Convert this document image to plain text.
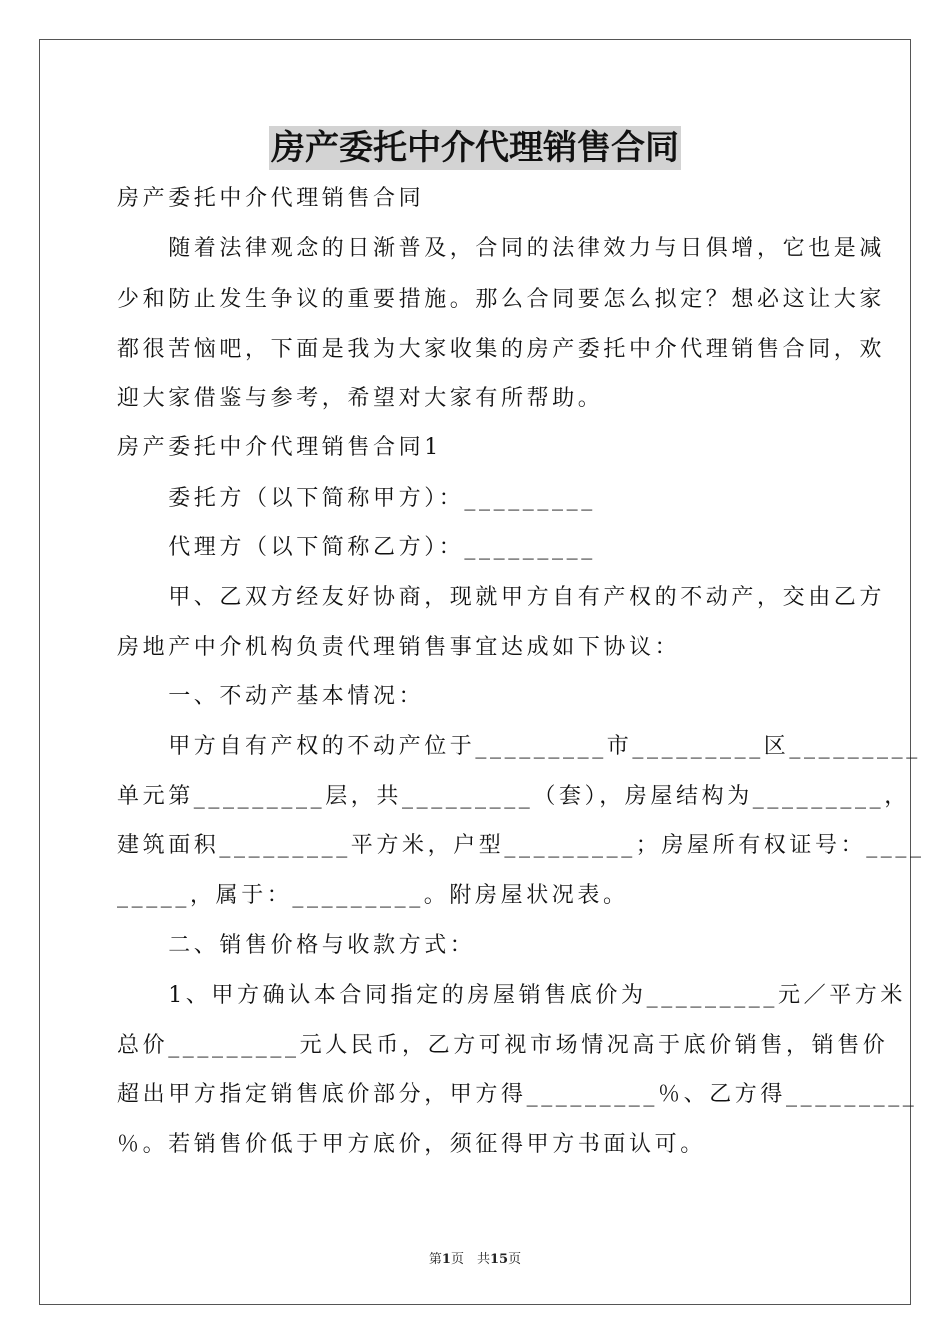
房产委托中介代理销售合同
房产委托中介代理销售合同
　　随着法律观念的日渐普及，合同的法律效力与日俱增，它也是减
少和防止发生争议的重要措施。那么合同要怎么拟定？想必这让大家
都很苦恼吧，下面是我为大家收集的房产委托中介代理销售合同，欢
迎大家借鉴与参考，希望对大家有所帮助。
房产委托中介代理销售合同1
　　委托方（以下简称甲方）：_________
　　代理方（以下简称乙方）：_________
　　甲、乙双方经友好协商，现就甲方自有产权的不动产，交由乙方
房地产中介机构负责代理销售事宜达成如下协议：
　　一、不动产基本情况：
　　甲方自有产权的不动产位于_________市_________区_________
单元第_________层，共_________（套），房屋结构为_________，
建筑面积_________平方米，户型_________；房屋所有权证号：____
_____，属于：_________。附房屋状况表。
　　二、销售价格与收款方式：
　　1、甲方确认本合同指定的房屋销售底价为_________元／平方米
总价_________元人民币，乙方可视市场情况高于底价销售，销售价
超出甲方指定销售底价部分，甲方得_________％、乙方得_________
％。若销售价低于甲方底价，须征得甲方书面认可。
第1页　共15页
